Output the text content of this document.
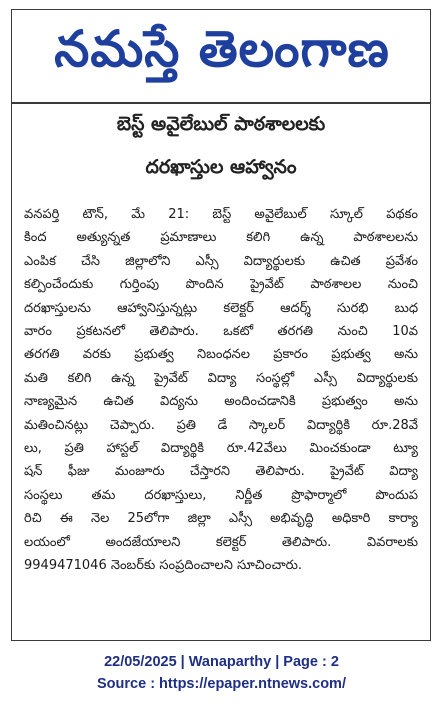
నమస్తే తెలంగాణ
బెస్ట్ అవైలేబుల్ పాఠశాలలకు
దరఖాస్తుల ఆహ్వానం
వనపర్తి టౌన్, మే 21: బెస్ట్ అవైలేబుల్ స్కూల్ పథకం
కింద అత్యున్నత ప్రమాణాలు కలిగి ఉన్న పాఠశాలలను
ఎంపిక చేసి జిల్లాలోని ఎస్సీ విద్యార్థులకు ఉచిత ప్రవేశం
కల్పించేందుకు గుర్తింపు పొందిన ప్రైవేట్ పాఠశాలల నుంచి
దరఖాస్తులను ఆహ్వానిస్తున్నట్లు కలెక్టర్ ఆదర్శ్ సురభి బుధ
వారం ప్రకటనలో తెలిపారు. ఒకటో తరగతి నుంచి 10వ
తరగతి వరకు ప్రభుత్వ నిబంధనల ప్రకారం ప్రభుత్వ అను
మతి కలిగి ఉన్న ప్రైవేట్ విద్యా సంస్థల్లో ఎస్సీ విద్యార్థులకు
నాణ్యమైన ఉచిత విద్యను అందించడానికి ప్రభుత్వం అను
మతించినట్లు చెప్పారు. ప్రతి డే స్కాలర్ విద్యార్థికి రూ.28వే
లు, ప్రతి హాస్టల్ విద్యార్థికి రూ.42వేలు మించకుండా ట్యూ
షన్ ఫీజు మంజూరు చేస్తారని తెలిపారు. ప్రైవేట్ విద్యా
సంస్థలు తమ దరఖాస్తులు, నిర్ణీత ప్రొఫార్మాలో పొందుప
రిచి ఈ నెల 25లోగా జిల్లా ఎస్సీ అభివృద్ధి అధికారి కార్యా
లయంలో అందజేయాలని కలెక్టర్ తెలిపారు. వివరాలకు
9949471046 నెంబర్‌కు సంప్రదించాలని సూచించారు.
22/05/2025 | Wanaparthy | Page : 2
Source : https://epaper.ntnews.com/
